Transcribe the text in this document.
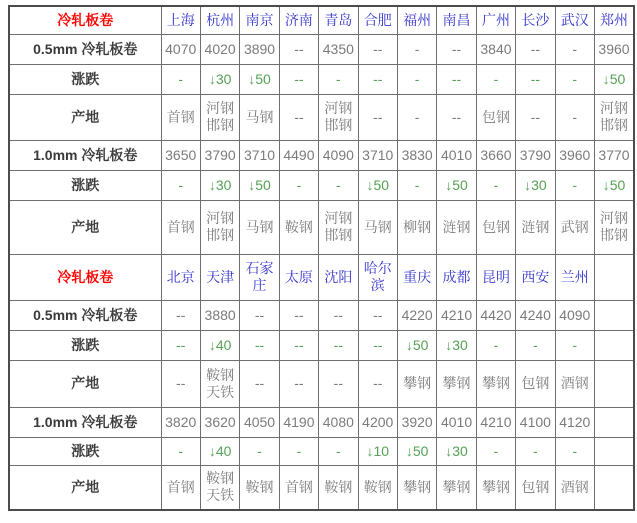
冷轧板卷	上海	杭州	南京	济南	青岛	合肥	福州	南昌	广州	长沙	武汉	郑州
0.5mm 冷轧板卷	4070	4020	3890	--	4350	--	-	--	3840	--	-	3960
涨跌	-	↓30	↓50	--	-	--	-	--	-	--	-	↓50
产地	首钢	河钢邯钢	马钢	--	河钢邯钢	--	-	--	包钢	--	-	河钢邯钢
1.0mm 冷轧板卷	3650	3790	3710	4490	4090	3710	3830	4010	3660	3790	3960	3770
涨跌	-	↓30	↓50	-	-	↓50	-	↓50	-	↓30	-	↓50
产地	首钢	河钢邯钢	马钢	鞍钢	河钢邯钢	马钢	柳钢	涟钢	包钢	涟钢	武钢	河钢邯钢
冷轧板卷	北京	天津	石家庄	太原	沈阳	哈尔滨	重庆	成都	昆明	西安	兰州	
0.5mm 冷轧板卷	--	3880	--	--	--	--	4220	4210	4420	4240	4090	
涨跌	--	↓40	--	--	--	--	↓50	↓30	-	-	-	
产地	--	鞍钢天铁	--	--	--	--	攀钢	攀钢	攀钢	包钢	酒钢	
1.0mm 冷轧板卷	3820	3620	4050	4190	4080	4200	3920	4010	4210	4100	4120	
涨跌	-	↓40	-	-	-	↓10	↓50	↓30	-	-	-	
产地	首钢	鞍钢天铁	鞍钢	首钢	鞍钢	鞍钢	攀钢	攀钢	攀钢	包钢	酒钢	
